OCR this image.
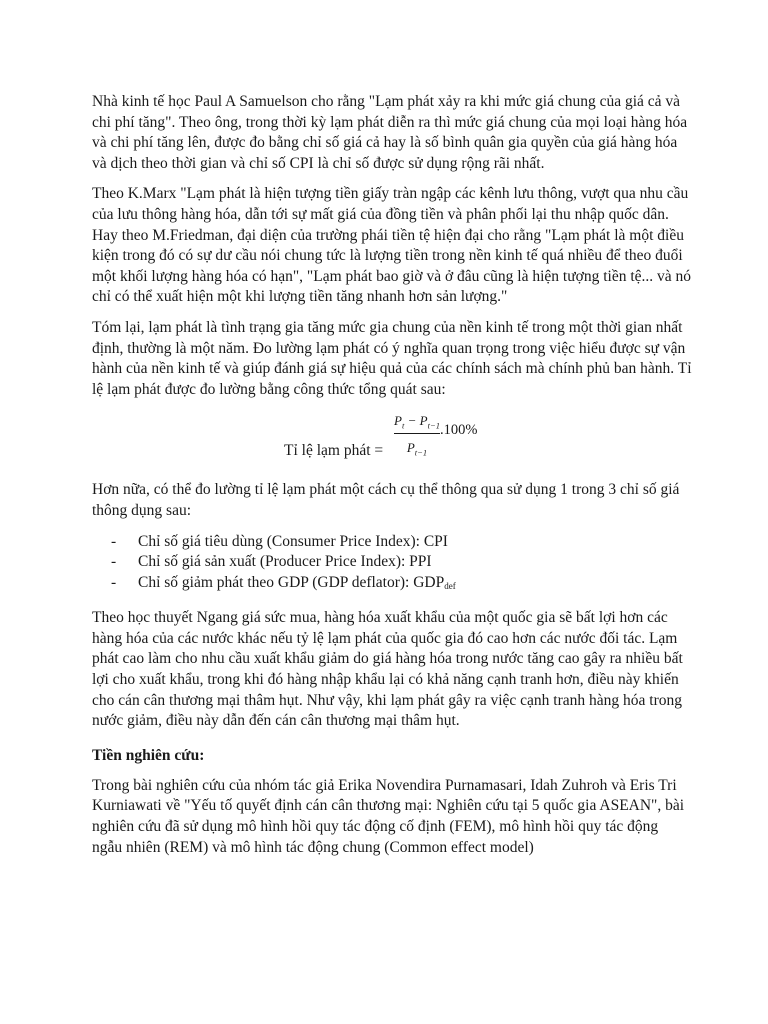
Nhà kinh tế học Paul A Samuelson cho rằng "Lạm phát xảy ra khi mức giá chung của giá cả và chi phí tăng". Theo ông, trong thời kỳ lạm phát diễn ra thì mức giá chung của mọi loại hàng hóa và chi phí tăng lên, được đo bằng chỉ số giá cả hay là số bình quân gia quyền của giá hàng hóa và dịch theo thời gian và chỉ số CPI là chỉ số được sử dụng rộng rãi nhất.

Theo K.Marx "Lạm phát là hiện tượng tiền giấy tràn ngập các kênh lưu thông, vượt qua nhu cầu của lưu thông hàng hóa, dẫn tới sự mất giá của đồng tiền và phân phối lại thu nhập quốc dân. Hay theo M.Friedman, đại diện của trường phái tiền tệ hiện đại cho rằng "Lạm phát là một điều kiện trong đó có sự dư cầu nói chung tức là lượng tiền trong nền kinh tế quá nhiều để theo đuổi một khối lượng hàng hóa có hạn", "Lạm phát bao giờ và ở đâu cũng là hiện tượng tiền tệ... và nó chỉ có thể xuất hiện một khi lượng tiền tăng nhanh hơn sản lượng."

Tóm lại, lạm phát là tình trạng gia tăng mức gia chung của nền kinh tế trong một thời gian nhất định, thường là một năm. Đo lường lạm phát có ý nghĩa quan trọng trong việc hiểu được sự vận hành của nền kinh tế và giúp đánh giá sự hiệu quả của các chính sách mà chính phủ ban hành. Tỉ lệ lạm phát được đo lường bằng công thức tổng quát sau:

Tỉ lệ lạm phát =
$P_t - P_{t-1}$
$P_{t-1}$
.100%

Hơn nữa, có thể đo lường tỉ lệ lạm phát một cách cụ thể thông qua sử dụng 1 trong 3 chỉ số giá thông dụng sau:

- Chỉ số giá tiêu dùng (Consumer Price Index): CPI
- Chỉ số giá sản xuất (Producer Price Index): PPI
- Chỉ số giảm phát theo GDP (GDP deflator): GDPdef

Theo học thuyết Ngang giá sức mua, hàng hóa xuất khẩu của một quốc gia sẽ bất lợi hơn các hàng hóa của các nước khác nếu tỷ lệ lạm phát của quốc gia đó cao hơn các nước đối tác. Lạm phát cao làm cho nhu cầu xuất khẩu giảm do giá hàng hóa trong nước tăng cao gây ra nhiều bất lợi cho xuất khẩu, trong khi đó hàng nhập khẩu lại có khả năng cạnh tranh hơn, điều này khiến cho cán cân thương mại thâm hụt. Như vậy, khi lạm phát gây ra việc cạnh tranh hàng hóa trong nước giảm, điều này dẫn đến cán cân thương mại thâm hụt.

Tiền nghiên cứu:

Trong bài nghiên cứu của nhóm tác giả Erika Novendira Purnamasari, Idah Zuhroh và Eris Tri Kurniawati về "Yếu tố quyết định cán cân thương mại: Nghiên cứu tại 5 quốc gia ASEAN", bài nghiên cứu đã sử dụng mô hình hồi quy tác động cố định (FEM), mô hình hồi quy tác động ngẫu nhiên (REM) và mô hình tác động chung (Common effect model)
